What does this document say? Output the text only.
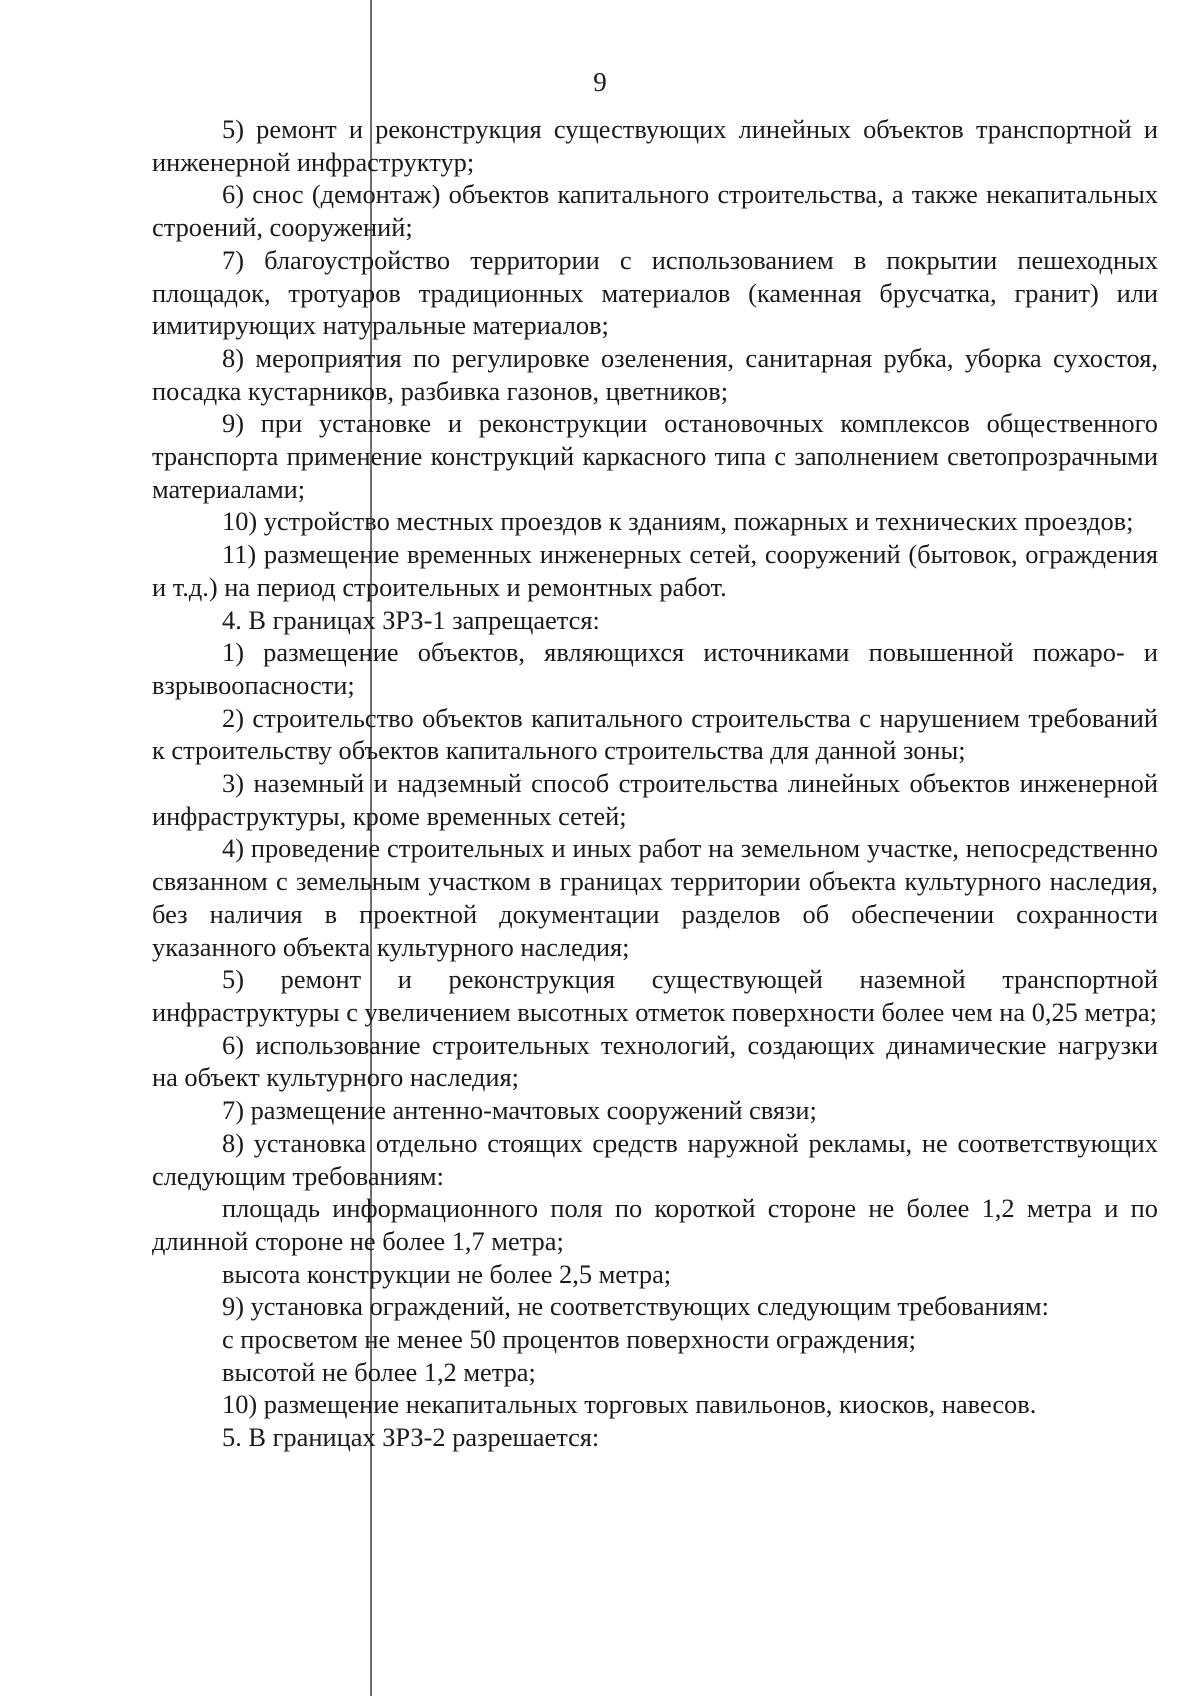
9

5) ремонт и реконструкция существующих линейных объектов транспортной и инженерной инфраструктур;

6) снос (демонтаж) объектов капитального строительства, а также некапитальных строений, сооружений;

7) благоустройство территории с использованием в покрытии пешеходных площадок, тротуаров традиционных материалов (каменная брусчатка, гранит) или имитирующих натуральные материалов;

8) мероприятия по регулировке озеленения, санитарная рубка, уборка сухостоя, посадка кустарников, разбивка газонов, цветников;

9) при установке и реконструкции остановочных комплексов общественного транспорта применение конструкций каркасного типа с заполнением светопрозрачными материалами;

10) устройство местных проездов к зданиям, пожарных и технических проездов;

11) размещение временных инженерных сетей, сооружений (бытовок, ограждения и т.д.) на период строительных и ремонтных работ.

4. В границах ЗРЗ-1 запрещается:

1) размещение объектов, являющихся источниками повышенной пожаро- и взрывоопасности;

2) строительство объектов капитального строительства с нарушением требований к строительству объектов капитального строительства для данной зоны;

3) наземный и надземный способ строительства линейных объектов инженерной инфраструктуры, кроме временных сетей;

4) проведение строительных и иных работ на земельном участке, непосредственно связанном с земельным участком в границах территории объекта культурного наследия, без наличия в проектной документации разделов об обеспечении сохранности указанного объекта культурного наследия;

5) ремонт и реконструкция существующей наземной транспортной инфраструктуры с увеличением высотных отметок поверхности более чем на 0,25 метра;

6) использование строительных технологий, создающих динамические нагрузки на объект культурного наследия;

7) размещение антенно-мачтовых сооружений связи;

8) установка отдельно стоящих средств наружной рекламы, не соответствующих следующим требованиям:

площадь информационного поля по короткой стороне не более 1,2 метра и по длинной стороне не более 1,7 метра;

высота конструкции не более 2,5 метра;

9) установка ограждений, не соответствующих следующим требованиям:

с просветом не менее 50 процентов поверхности ограждения;

высотой не более 1,2 метра;

10) размещение некапитальных торговых павильонов, киосков, навесов.

5. В границах ЗРЗ-2 разрешается:
